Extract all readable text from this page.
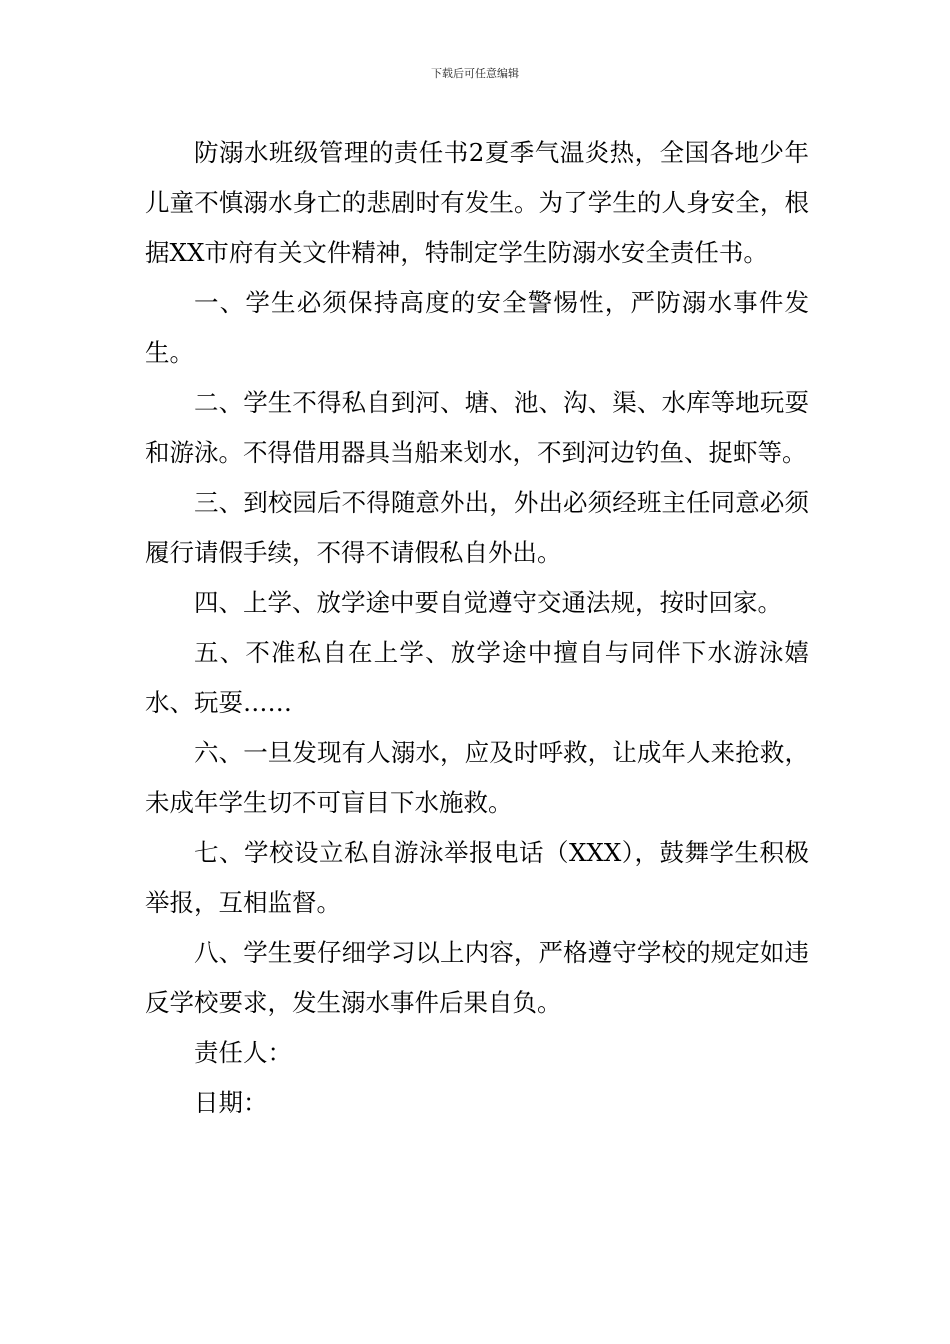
下载后可任意编辑

防溺水班级管理的责任书2夏季气温炎热，全国各地少年儿童不慎溺水身亡的悲剧时有发生。为了学生的人身安全，根据XX市府有关文件精神，特制定学生防溺水安全责任书。

一、学生必须保持高度的安全警惕性，严防溺水事件发生。

二、学生不得私自到河、塘、池、沟、渠、水库等地玩耍和游泳。不得借用器具当船来划水，不到河边钓鱼、捉虾等。

三、到校园后不得随意外出，外出必须经班主任同意必须履行请假手续，不得不请假私自外出。

四、上学、放学途中要自觉遵守交通法规，按时回家。

五、不准私自在上学、放学途中擅自与同伴下水游泳嬉水、玩耍……

六、一旦发现有人溺水，应及时呼救，让成年人来抢救，未成年学生切不可盲目下水施救。

七、学校设立私自游泳举报电话（XXX），鼓舞学生积极举报，互相监督。

八、学生要仔细学习以上内容，严格遵守学校的规定如违反学校要求，发生溺水事件后果自负。

责任人：

日期：
